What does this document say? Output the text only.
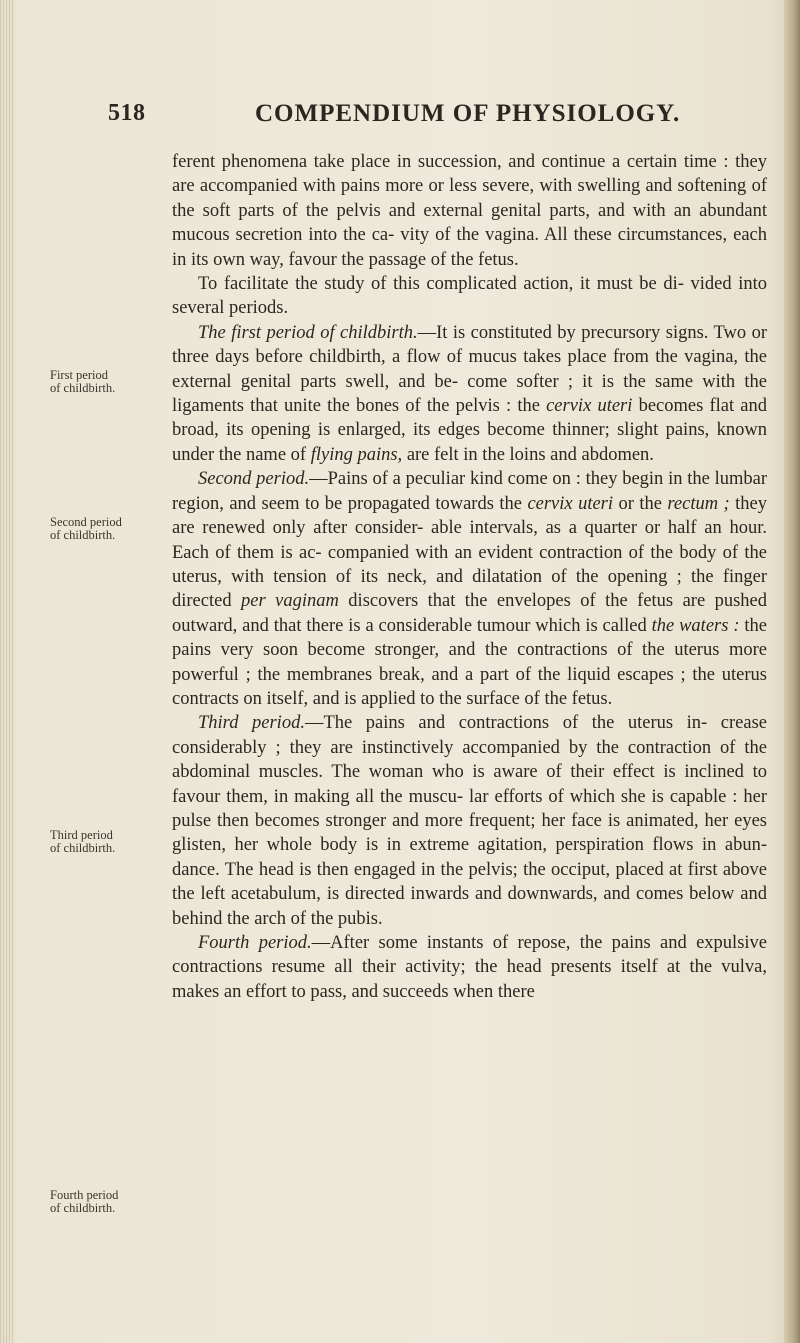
518	COMPENDIUM OF PHYSIOLOGY.

ferent phenomena take place in succession, and continue a certain time : they are accompanied with pains more or less severe, with swelling and softening of the soft parts of the pelvis and external genital parts, and with an abundant mucous secretion into the ca- vity of the vagina. All these circumstances, each in its own way, favour the passage of the fetus.

To facilitate the study of this complicated action, it must be di- vided into several periods.

The first period of childbirth.—It is constituted by precursory signs. Two or three days before childbirth, a flow of mucus takes place from the vagina, the external genital parts swell, and be- come softer ; it is the same with the ligaments that unite the bones of the pelvis : the cervix uteri becomes flat and broad, its opening is enlarged, its edges become thinner; slight pains, known under the name of flying pains, are felt in the loins and abdomen.

Second period.—Pains of a peculiar kind come on : they begin in the lumbar region, and seem to be propagated towards the cervix uteri or the rectum ; they are renewed only after consider- able intervals, as a quarter or half an hour. Each of them is ac- companied with an evident contraction of the body of the uterus, with tension of its neck, and dilatation of the opening ; the finger directed per vaginam discovers that the envelopes of the fetus are pushed outward, and that there is a considerable tumour which is called the waters : the pains very soon become stronger, and the contractions of the uterus more powerful ; the membranes break, and a part of the liquid escapes ; the uterus contracts on itself, and is applied to the surface of the fetus.

Third period.—The pains and contractions of the uterus in- crease considerably ; they are instinctively accompanied by the contraction of the abdominal muscles. The woman who is aware of their effect is inclined to favour them, in making all the muscu- lar efforts of which she is capable : her pulse then becomes stronger and more frequent; her face is animated, her eyes glisten, her whole body is in extreme agitation, perspiration flows in abun- dance. The head is then engaged in the pelvis; the occiput, placed at first above the left acetabulum, is directed inwards and downwards, and comes below and behind the arch of the pubis.

Fourth period.—After some instants of repose, the pains and expulsive contractions resume all their activity; the head presents itself at the vulva, makes an effort to pass, and succeeds when there

First period
of childbirth.
Second period
of childbirth.
Third period
of childbirth.
Fourth period
of childbirth.
